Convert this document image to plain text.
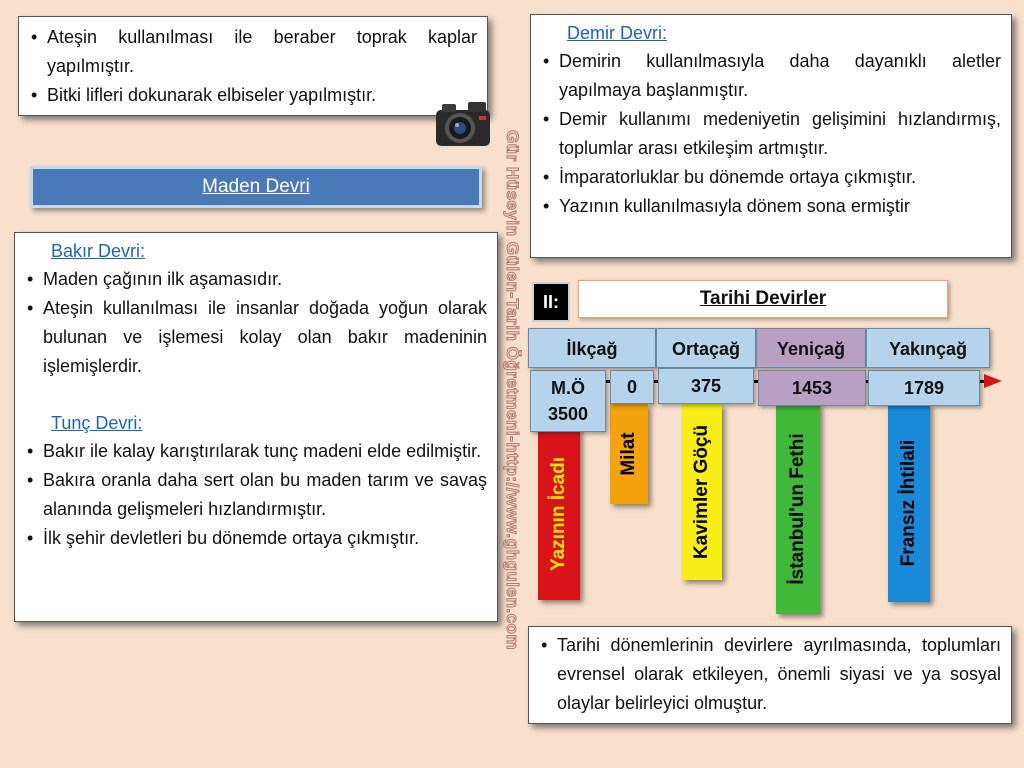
• Ateşin kullanılması ile beraber toprak kaplar yapılmıştır.
• Bitki lifleri dokunarak elbiseler yapılmıştır.
Maden Devri
Bakır Devri:
• Maden çağının ilk aşamasıdır.
• Ateşin kullanılması ile insanlar doğada yoğun olarak bulunan ve işlemesi kolay olan bakır madeninin işlemişlerdir.
Tunç Devri:
• Bakır ile kalay karıştırılarak tunç madeni elde edilmiştir.
• Bakıra oranla daha sert olan bu maden tarım ve savaş alanında gelişmeleri hızlandırmıştır.
• İlk şehir devletleri bu dönemde ortaya çıkmıştır.
Demir Devri:
• Demirin kullanılmasıyla daha dayanıklı aletler yapılmaya başlanmıştır.
• Demir kullanımı medeniyetin gelişimini hızlandırmış, toplumlar arası etkileşim artmıştır.
• İmparatorluklar bu dönemde ortaya çıkmıştır.
• Yazının kullanılmasıyla dönem sona ermiştir
Gür Hüseyin Gülen-Tarih Öğretmeni-http://www.ghgulen.com	II:	Tarihi Devirler
Yazının İcadı
Milat	Kavimler Göçü	İstanbul'un Fethi	Fransız İhtilali
İlkçağ	Ortaçağ	Yeniçağ	Yakınçağ
M.Ö 3500
0	375	1453	1789
• Tarihi dönemlerinin devirlere ayrılmasında, toplumları evrensel olarak etkileyen, önemli siyasi ve ya sosyal olaylar belirleyici olmuştur.
